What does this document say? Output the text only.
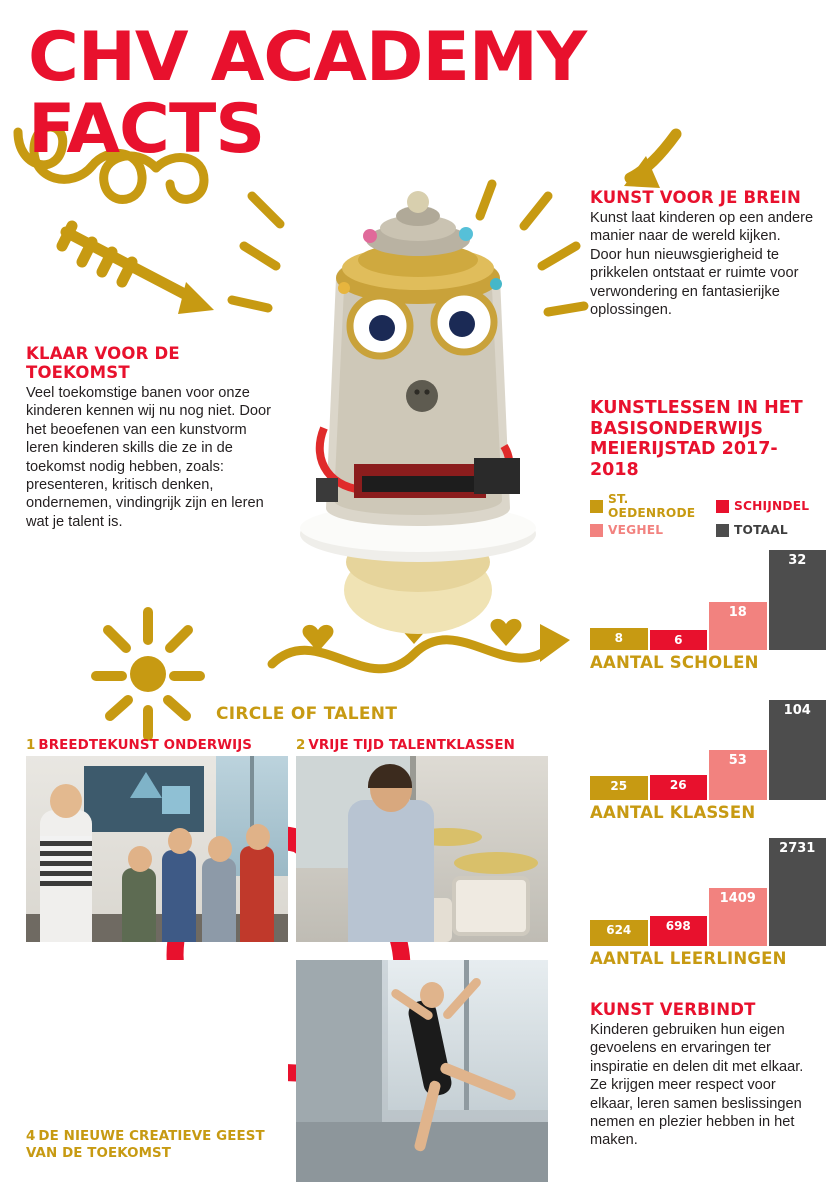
CHV ACADEMY FACTS
KLAAR VOOR DE TOEKOMST

Veel toekomstige banen voor onze kinderen kennen wij nu nog niet. Door het beoefenen van een kunstvorm leren kinderen skills die ze in de toekomst nodig hebben, zoals: presenteren, kritisch denken, ondernemen, vindingrijk zijn en leren wat je talent is.

KUNST VOOR JE BREIN

Kunst laat kinderen op een andere manier naar de wereld kijken. Door hun nieuwsgierigheid te prikkelen ontstaat er ruimte voor verwondering en fantasierijke oplossingen.

KUNSTLESSEN IN HET BASISONDERWIJS MEIERIJSTAD 2017-2018
ST. OEDENRODE	SCHIJNDEL
VEGHEL	TOTAAL
8	6
18
32
AANTAL SCHOLEN
25	26
53
104
AANTAL KLASSEN
624	698
1409
2731
AANTAL LEERLINGEN
KUNST VERBINDT

Kinderen gebruiken hun eigen gevoelens en ervaringen ter inspiratie en delen dit met elkaar. Ze krijgen meer respect voor elkaar, leren samen beslissingen nemen en plezier hebben in het maken.

CIRCLE OF TALENT
1 BREEDTEKUNST ONDERWIJS	2 VRIJE TIJD TALENTKLASSEN
4 DE NIEUWE CREATIEVE GEEST VAN DE TOEKOMST
